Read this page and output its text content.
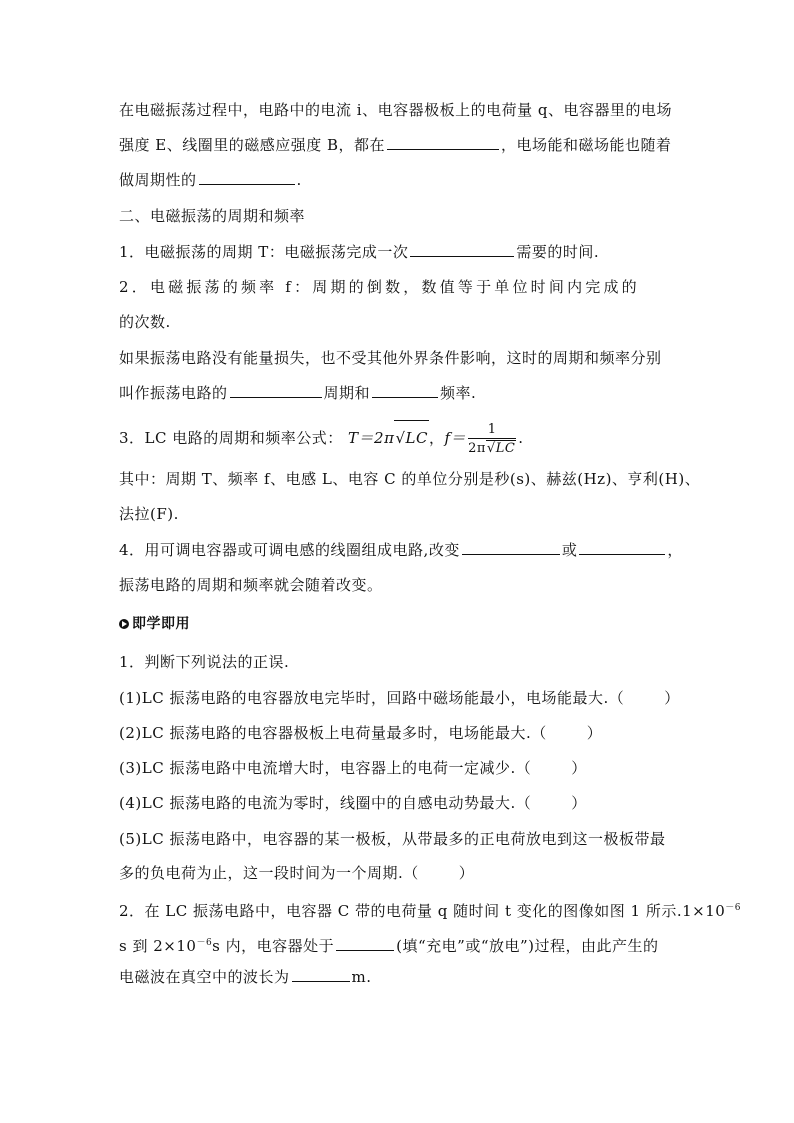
在电磁振荡过程中，电路中的电流 i、电容器极板上的电荷量 q、电容器里的电场
强度 E、线圈里的磁感应强度 B，都在	，电场能和磁场能也随着
做周期性的	.
二、电磁振荡的周期和频率
1．电磁振荡的周期 T：电磁振荡完成一次	需要的时间.
2．电磁振荡的频率 f：周期的倒数，数值等于单位时间内完成的
的次数.
如果振荡电路没有能量损失，也不受其他外界条件影响，这时的周期和频率分别
叫作振荡电路的	周期和	频率.
3．LC 电路的周期和频率公式： T＝2π√LC，$f= \frac{1}{2\pi√LC}$ .
其中：周期 T、频率 f、电感 L、电容 C 的单位分别是秒(s)、赫兹(Hz)、亨利(H)、
法拉(F).
4．用可调电容器或可调电感的线圈组成电路,改变	或	，
振荡电路的周期和频率就会随着改变。
即学即用
1．判断下列说法的正误.
(1)LC 振荡电路的电容器放电完毕时，回路中磁场能最小，电场能最大.（	）
(2)LC 振荡电路的电容器极板上电荷量最多时，电场能最大.（	）
(3)LC 振荡电路中电流增大时，电容器上的电荷一定减少.（	）
(4)LC 振荡电路的电流为零时，线圈中的自感电动势最大.（	）
(5)LC 振荡电路中，电容器的某一极板，从带最多的正电荷放电到这一极板带最
多的负电荷为止，这一段时间为一个周期.（	）
2．在 LC 振荡电路中，电容器 C 带的电荷量 q 随时间 t 变化的图像如图 1 所示$.1\times 10^{-6}$
s 到 $2\times 10^{-6}s$ 内，电容器处于	(填“充电”或“放电”)过程，由此产生的
电磁波在真空中的波长为	m.
